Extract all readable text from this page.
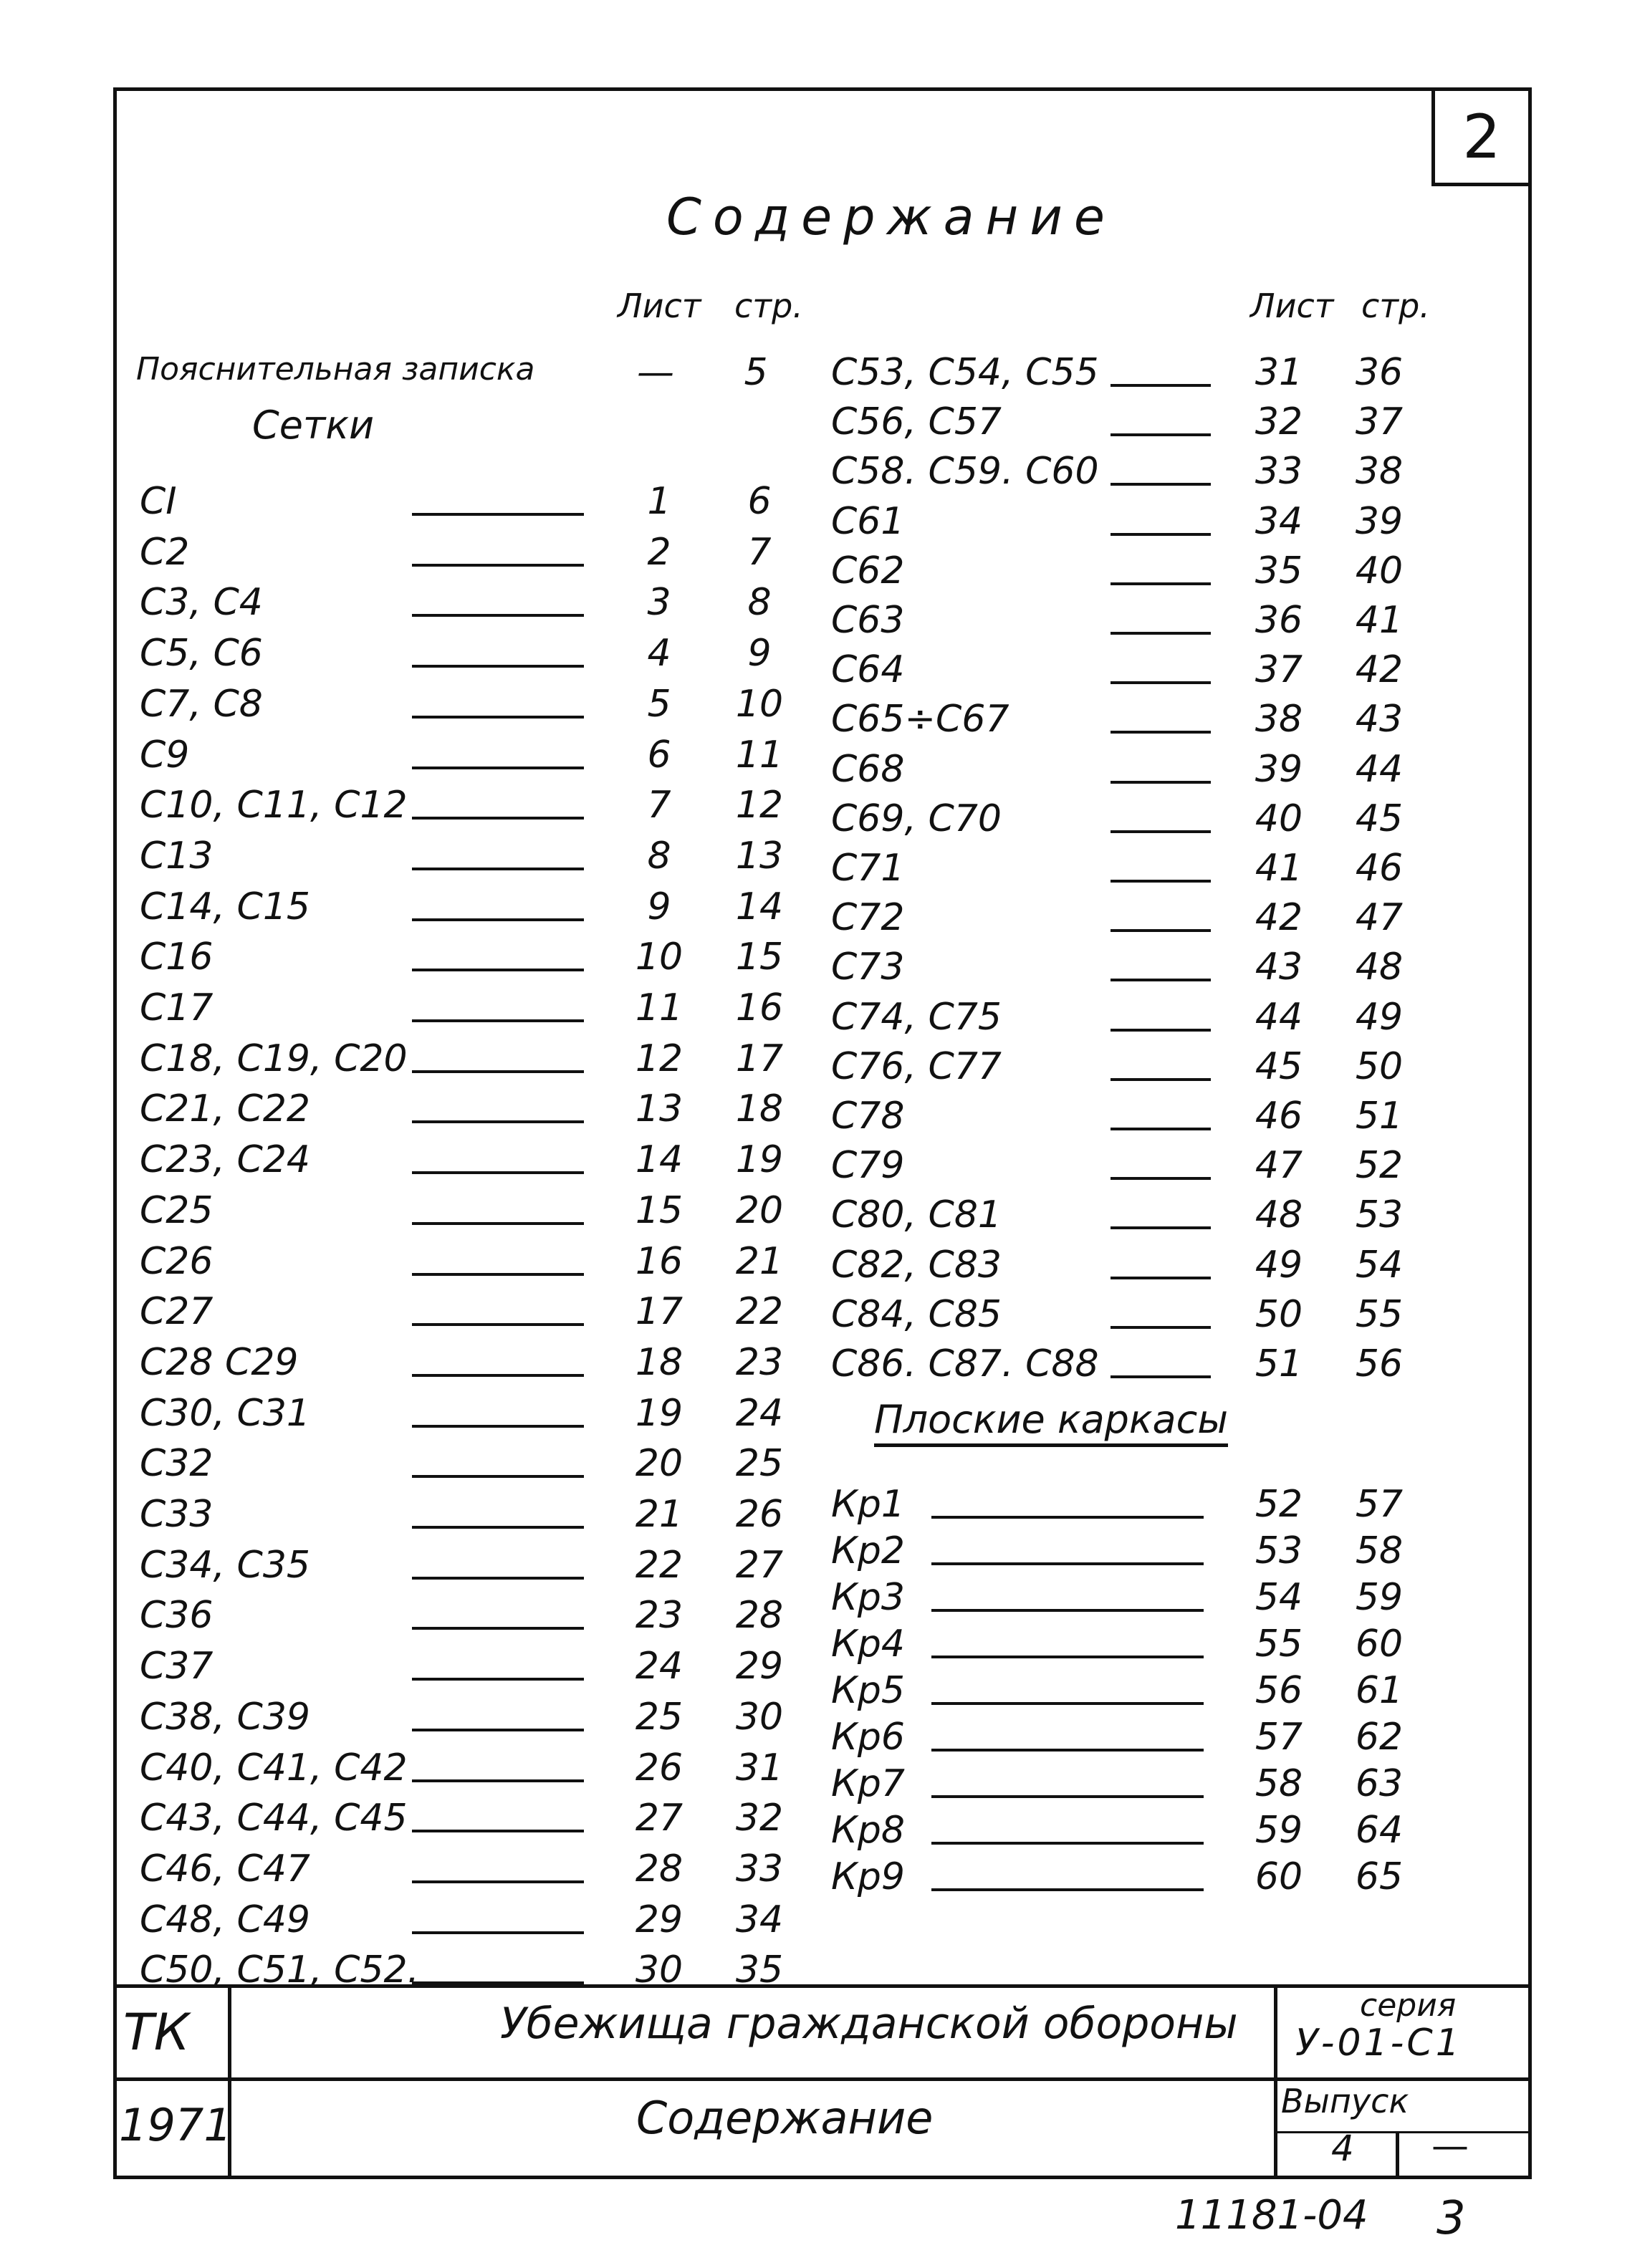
2
Содержание
Лист стр.	Лист стр.
Пояснительная записка	—	5
Сетки
CI	1	6
C2	2	7
C3, C4	3	8
C5, C6	4	9
C7, C8	5	10
C9	6	11
C10, C11, C12	7	12
C13	8	13
C14, C15	9	14
C16	10 15
C17	11 16
C18, C19, C20	12 17
C21, C22	13 18
C23, C24	14 19
C25	15 20
C26	16 21
C27	17 22
C28 C29	18 23
C30, C31	19 24
C32	20 25
C33	21 26
C34, C35	22 27
C36	23 28
C37	24 29
C38, C39	25 30
C40, C41, C42	26 31
C43, C44, C45	27 32
C46, C47	28 33
C48, C49	29 34
C50, C51, C52.	30 35
C53, C54, C55	31 36
C56, C57	32 37
C58. C59. C60	33 38
C61	34 39
C62	35 40
C63	36 41
C64	37 42
C65÷C67	38 43
C68	39 44
C69, C70	40 45
C71	41 46
C72	42 47
C73	43 48
C74, C75	44 49
C76, C77	45 50
C78	46 51
C79	47 52
C80, C81	48 53
C82, C83	49 54
C84, C85	50 55
C86. C87. C88	51 56
Плоские каркасы
Кр1	52 57
Кр2	53 58
Кр3	54 59
Кр4	55 60
Кр5	56 61
Кр6	57 62
Кр7	58 63
Кр8	59 64
Кр9	60 65
ТК
1971
Убежища гражданской обороны
Содержание
серия
У-01-С1
Выпуск
4 —
11181-04 3
